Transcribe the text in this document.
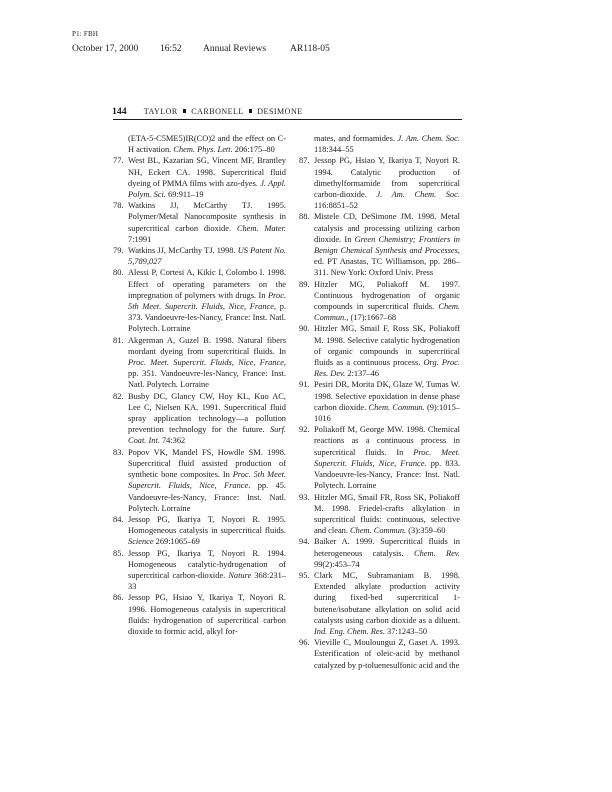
P1: FBH
October 17, 2000 16:52 Annual Reviews	AR118-05
144 TAYLOR CARBONELL DESIMONE
(ETA-5-C5ME5)IR(CO)2 and the effect on C-H activation. Chem. Phys. Lett. 206:175–80
77. West BL, Kazarian SG, Vincent MF, Brantley NH, Eckert CA. 1998. Supercritical fluid dyeing of PMMA films with azo-dyes. J. Appl. Polym. Sci. 69:911–19
78. Watkins JJ, McCarthy TJ. 1995. Polymer/Metal Nanocomposite synthesis in supercritical carbon dioxide. Chem. Mater. 7:1991
79. Watkins JJ, McCarthy TJ. 1998. US Patent No. 5,789,027
80. Alessi P, Cortesi A, Kikic I, Colombo I. 1998. Effect of operating parameters on the impregnation of polymers with drugs. In Proc. 5th Meet. Supercrit. Fluids, Nice, France, p. 373. Vandoeuvre-les-Nancy, France: Inst. Natl. Polytech. Lorraine
81. Akgerman A, Guzel B. 1998. Natural fibers mordant dyeing from supercritical fluids. In Proc. Meet. Supercrit. Fluids, Nice, France, pp. 351. Vandoeuvre-les-Nancy, France: Inst. Natl. Polytech. Lorraine
82. Busby DC, Glancy CW, Hoy KL, Kuo AC, Lee C, Nielsen KA. 1991. Supercritical fluid spray application technology—a pollution prevention technology for the future. Surf. Coat. Int. 74:362
83. Popov VK, Mandel FS, Howdle SM. 1998. Supercritical fluid assisted production of synthetic bone composites. In Proc. 5th Meet. Supercrit. Fluids, Nice, France. pp. 45. Vandoeuvre-les-Nancy, France: Inst. Natl. Polytech. Lorraine
84. Jessop PG, Ikariya T, Noyori R. 1995. Homogeneous catalysis in supercritical fluids. Science 269:1065–69
85. Jessop PG, Ikariya T, Noyori R. 1994. Homogeneous catalytic-hydrogenation of supercritical carbon-dioxide. Nature 368:231–33
86. Jessop PG, Hsiao Y, Ikariya T, Noyori R. 1996. Homogeneous catalysis in supercritical fluids: hydrogenation of supercritical carbon dioxide to formic acid, alkyl for-
mates, and formamides. J. Am. Chem. Soc. 118:344–55
87. Jessop PG, Hsiao Y, Ikariya T, Noyori R. 1994. Catalytic production of dimethylformamide from supercritical carbon-dioxide. J. Am. Chem. Soc. 116:8851–52
88. Mistele CD, DeSimone JM. 1998. Metal catalysis and processing utilizing carbon dioxide. In Green Chemistry; Frontiers in Benign Chemical Synthesis and Processes, ed. PT Anastas, TC Williamson, pp. 286–311. New York: Oxford Univ. Press
89. Hitzler MG, Poliakoff M. 1997. Continuous hydrogenation of organic compounds in supercritical fluids. Chem. Commun., (17):1667–68
90. Hitzler MG, Smail F, Ross SK, Poliakoff M. 1998. Selective catalytic hydrogenation of organic compounds in supercritical fluids as a continuous process. Org. Proc. Res. Dev. 2:137–46
91. Pesiri DR, Morita DK, Glaze W, Tumas W. 1998. Selective epoxidation in dense phase carbon dioxide. Chem. Commun. (9):1015–1016
92. Poliakoff M, George MW. 1998. Chemical reactions as a continuous process in supercritical fluids. In Proc. Meet. Supercrit. Fluids, Nice, France. pp. 833. Vandoeuvre-les-Nancy, France: Inst. Natl. Polytech. Lorraine
93. Hitzler MG, Smail FR, Ross SK, Poliakoff M. 1998. Friedel-crafts alkylation in supercritical fluids: continuous, selective and clean. Chem. Commun. (3):359–60
94. Baiker A. 1999. Supercritical fluids in heterogeneous catalysis. Chem. Rev. 99(2):453–74
95. Clark MC, Subramaniam B. 1998. Extended alkylate production activity during fixed-bed supercritical 1-butene/isobutane alkylation on solid acid catalysts using carbon dioxide as a diluent. Ind. Eng. Chem. Res. 37:1243–50
96. Vieville C, Mouloungui Z, Gaset A. 1993. Esterification of oleic-acid by methanol catalyzed by p-toluenesulfonic acid and the
